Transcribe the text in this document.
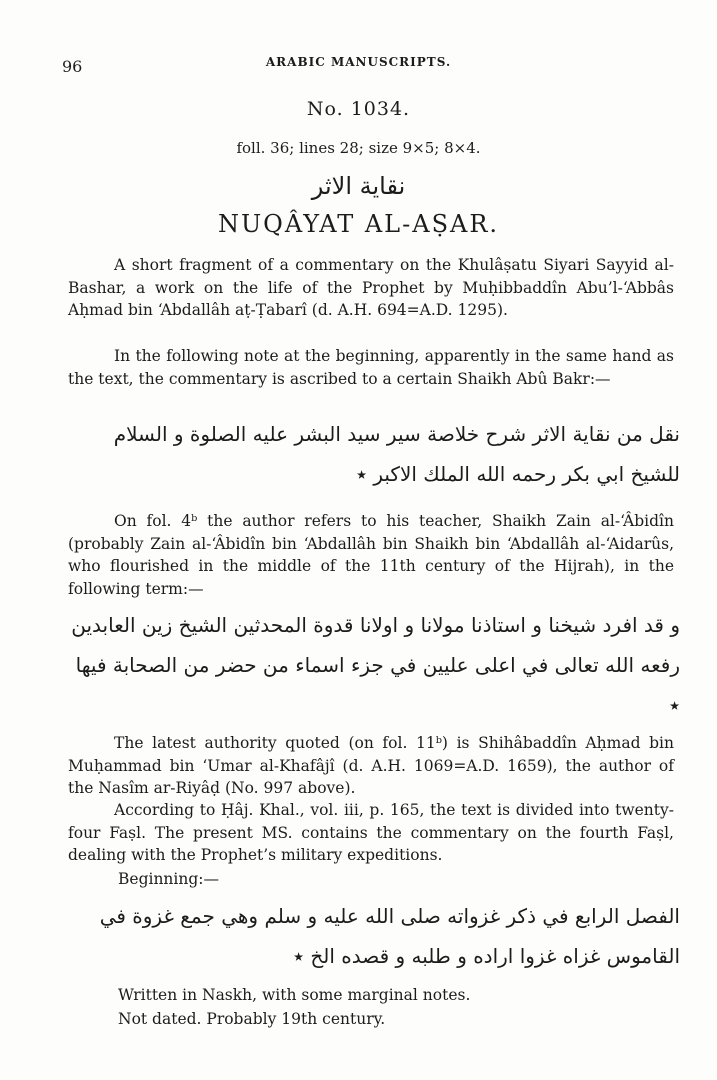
96	ARABIC MANUSCRIPTS.
No. 1034.
foll. 36; lines 28; size 9×5; 8×4.
نقاية الاثر
NUQÂYAT AL-AṢAR.
A short fragment of a commentary on the Khulâṣatu Siyari Sayyid al-Bashar, a work on the life of the Prophet by Muḥibbaddîn Abu’l-‘Abbâs Aḥmad bin ‘Abdallâh aṭ-Ṭabarî (d. A.H. 694=A.D. 1295).
In the following note at the beginning, apparently in the same hand as the text, the commentary is ascribed to a certain Shaikh Abû Bakr:—
نقل من نقاية الاثر شرح خلاصة سير سيد البشر عليه الصلوة و السلام للشيخ ابي بكر رحمه الله الملك الاكبر ٭
On fol. 4ᵇ the author refers to his teacher, Shaikh Zain al-‘Âbidîn (probably Zain al-‘Âbidîn bin ‘Abdallâh bin Shaikh bin ‘Abdallâh al-‘Aidarûs, who flourished in the middle of the 11th century of the Hijrah), in the following term:—
و قد افرد شيخنا و استاذنا مولانا و اولانا قدوة المحدثين الشيخ زين العابدين رفعه الله تعالى في اعلى عليين في جزء اسماء من حضر من الصحابة فيها ٭
The latest authority quoted (on fol. 11ᵇ) is Shihâbaddîn Aḥmad bin Muḥammad bin ‘Umar al-Khafâjî (d. A.H. 1069=A.D. 1659), the author of the Nasîm ar-Riyâḍ (No. 997 above).
According to Ḥâj. Khal., vol. iii, p. 165, the text is divided into twenty-four Faṣl. The present MS. contains the commentary on the fourth Faṣl, dealing with the Prophet’s military expeditions.
Beginning:—
الفصل الرابع في ذكر غزواته صلى الله عليه و سلم وهي جمع غزوة في القاموس غزاه غزوا اراده و طلبه و قصده الخ ٭
Written in Naskh, with some marginal notes.
Not dated. Probably 19th century.
